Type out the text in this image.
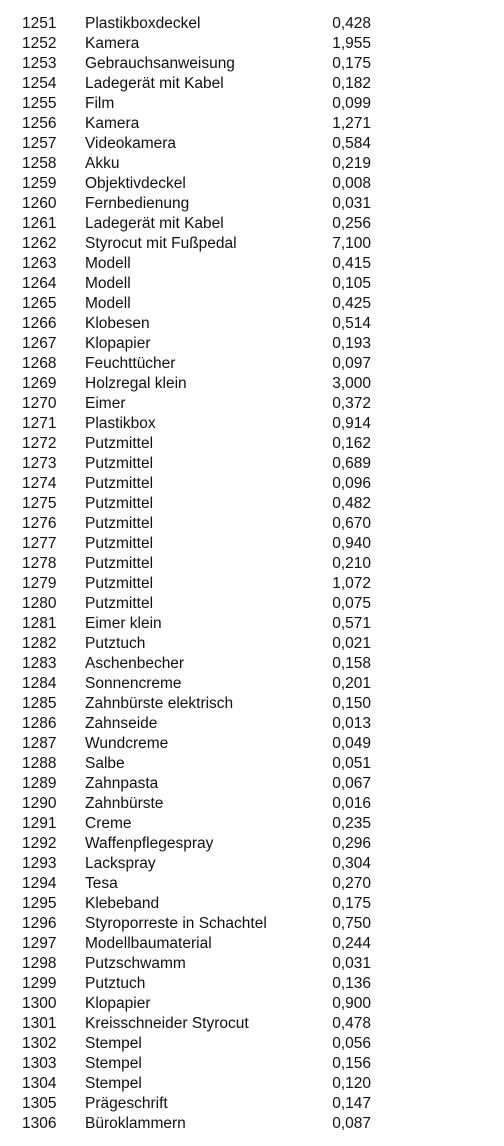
1251 Plastikboxdeckel	0,428
1252 Kamera	1,955
1253 Gebrauchsanweisung	0,175
1254 Ladegerät mit Kabel	0,182
1255 Film	0,099
1256 Kamera	1,271
1257 Videokamera	0,584
1258 Akku	0,219
1259 Objektivdeckel	0,008
1260 Fernbedienung	0,031
1261 Ladegerät mit Kabel	0,256
1262 Styrocut mit Fußpedal	7,100
1263 Modell	0,415
1264 Modell	0,105
1265 Modell	0,425
1266 Klobesen	0,514
1267 Klopapier	0,193
1268 Feuchttücher	0,097
1269 Holzregal klein	3,000
1270 Eimer	0,372
1271 Plastikbox	0,914
1272 Putzmittel	0,162
1273 Putzmittel	0,689
1274 Putzmittel	0,096
1275 Putzmittel	0,482
1276 Putzmittel	0,670
1277 Putzmittel	0,940
1278 Putzmittel	0,210
1279 Putzmittel	1,072
1280 Putzmittel	0,075
1281 Eimer klein	0,571
1282 Putztuch	0,021
1283 Aschenbecher	0,158
1284 Sonnencreme	0,201
1285 Zahnbürste elektrisch	0,150
1286 Zahnseide	0,013
1287 Wundcreme	0,049
1288 Salbe	0,051
1289 Zahnpasta	0,067
1290 Zahnbürste	0,016
1291 Creme	0,235
1292 Waffenpflegespray	0,296
1293 Lackspray	0,304
1294 Tesa	0,270
1295 Klebeband	0,175
1296 Styroporreste in Schachtel	0,750
1297 Modellbaumaterial	0,244
1298 Putzschwamm	0,031
1299 Putztuch	0,136
1300 Klopapier	0,900
1301 Kreisschneider Styrocut	0,478
1302 Stempel	0,056
1303 Stempel	0,156
1304 Stempel	0,120
1305 Prägeschrift	0,147
1306 Büroklammern	0,087
